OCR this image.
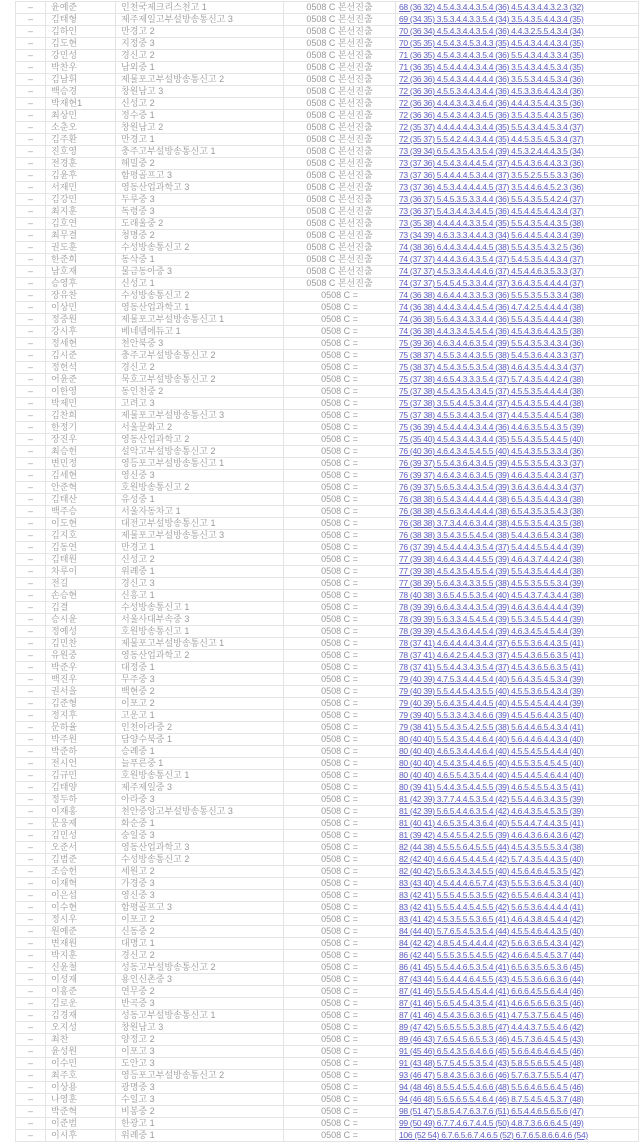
–	윤예준	인천국제크리스천고 1	0508 C 본선진출	68 (36 32) 4.5.4.3.4.4.3.5.4 (36) 4.5.4.3.4.4.3.2.3 (32)
–	김태형	제주제일고부설방송통신고 3	0508 C 본선진출	69 (34 35) 3.5.3.4.4.3.3.5.4 (34) 3.5.4.3.5.4.4.3.4 (35)
–	김하인	만경고 2	0508 C 본선진출	70 (36 34) 4.5.4.3.4.4.3.5.4 (36) 4.4.3.2.5.5.4.3.4 (34)
–	김도현	지정중 3	0508 C 본선진출	70 (35 35) 4.5.4.3.4.5.3.4.3 (35) 4.5.4.3.4.4.4.3.4 (35)
–	강민성	경신고 2	0508 C 본선진출	71 (36 35) 4.5.4.3.4.4.3.5.4 (36) 5.5.4.3.4.4.3.3.4 (35)
–	박찬우	남외중 1	0508 C 본선진출	71 (36 35) 4.5.4.4.4.4.3.4.4 (36) 3.5.4.3.4.4.5.3.4 (35)
–	김남휘	제물포고부설방송통신고 2	0508 C 본선진출	72 (36 36) 4.5.4.3.4.4.4.4.4 (36) 3.5.5.3.4.4.5.3.4 (36)
–	백승경	창원남고 3	0508 C 본선진출	72 (36 36) 4.5.5.3.4.4.3.4.4 (36) 4.5.3.3.6.4.4.3.4 (36)
–	박재현1	신성고 2	0508 C 본선진출	72 (36 36) 4.4.4.3.4.3.4.6.4 (36) 4.4.4.3.5.4.4.3.5 (36)
–	최상민	정수중 1	0508 C 본선진출	72 (36 36) 4.5.4.3.4.4.3.4.5 (36) 3.5.4.3.5.4.4.3.5 (36)
–	소춘오	창원남고 2	0508 C 본선진출	72 (35 37) 4.4.4.4.4.4.3.4.4 (35) 5.5.4.3.4.4.5.3.4 (37)
–	김주환	만경고 1	0508 C 본선진출	72 (35 37) 5.5.4.2.4.4.3.4.4 (35) 4.4.5.3.5.4.5.3.4 (37)
–	진호영	충주고부설방송통신고 1	0508 C 본선진출	73 (39 34) 6.5.4.3.5.4.3.5.4 (39) 4.5.3.2.4.4.4.3.5 (34)
–	전경훈	해밀중 2	0508 C 본선진출	73 (37 36) 4.5.4.3.4.4.4.5.4 (37) 4.5.4.3.6.4.4.3.3 (36)
–	김윤후	함평골프고 3	0508 C 본선진출	73 (37 36) 5.4.4.4.4.5.3.4.4 (37) 3.5.5.2.5.5.5.3.3 (36)
–	서재민	영동산업과학고 3	0508 C 본선진출	73 (37 36) 4.5.3.4.4.4.4.4.5 (37) 3.5.4.4.6.4.5.2.3 (36)
–	김강민	두루중 3	0508 C 본선진출	73 (36 37) 5.4.5.3.5.3.3.4.4 (36) 5.5.4.3.5.5.4.2.4 (37)
–	최지훈	독령중 3	0508 C 본선진출	73 (36 37) 5.4.3.4.4.3.4.4.5 (36) 4.5.4.4.5.4.4.3.4 (37)
–	김호연	도래울중 2	0508 C 본선진출	73 (35 38) 4.4.4.4.4.3.3.5.4 (35) 5.5.4.3.5.4.4.3.5 (38)
–	최무결	청명중 2	0508 C 본선진출	73 (34 39) 4.6.3.3.3.4.4.4.3 (34) 5.6.4.4.5.4.4.3.4 (39)
–	권도훈	수성방송통신고 2	0508 C 본선진출	74 (38 36) 6.4.4.3.4.4.4.4.5 (38) 5.5.4.3.5.4.3.2.5 (36)
–	한준희	동삭중 1	0508 C 본선진출	74 (37 37) 4.4.4.3.6.4.3.5.4 (37) 5.4.5.3.5.4.4.3.4 (37)
–	남호재	물금동아중 3	0508 C 본선진출	74 (37 37) 4.5.3.3.4.4.4.4.6 (37) 4.5.4.4.6.3.5.3.3 (37)
–	승영후	신성고 1	0508 C 본선진출	74 (37 37) 5.4.5.4.5.3.3.4.4 (37) 3.6.4.3.5.4.4.4.4 (37)
–	장유찬	수성방송통신고 2	0508 C =	74 (36 38) 4.6.4.4.4.3.3.5.3 (36) 5.5.5.3.5.5.3.3.4 (38)
–	이상민	영동산업과학고 1	0508 C =	74 (36 38) 4.4.4.3.4.4.4.5.4 (36) 4.7.4.2.5.4.4.4.4 (38)
–	정중원	제물포고부설방송통신고 1	0508 C =	74 (36 38) 5.6.4.3.4.3.3.4.4 (36) 5.5.4.3.5.4.4.4.4 (38)
–	강시후	베네뎀에듀고 1	0508 C =	74 (36 38) 4.4.3.3.4.5.4.5.4 (36) 4.5.4.3.6.4.4.3.5 (38)
–	정세현	천안북중 3	0508 C =	75 (39 36) 4.6.3.4.4.6.3.5.4 (39) 5.5.4.3.5.3.4.3.4 (36)
–	김시준	충주고부설방송통신고 2	0508 C =	75 (38 37) 4.5.5.3.4.4.3.5.5 (38) 5.4.5.3.6.4.4.3.3 (37)
–	정헌석	경신고 2	0508 C =	75 (38 37) 4.5.4.3.5.5.3.5.4 (38) 4.6.4.3.5.4.4.3.4 (37)
–	어윤준	묵호고부설방송통신고 2	0508 C =	75 (37 38) 4.6.5.4.3.3.3.5.4 (37) 5.7.4.3.5.4.4.2.4 (38)
–	이한영	동인천중 2	0508 C =	75 (37 38) 4.5.4.3.5.4.3.4.5 (37) 4.5.5.3.5.4.4.4.4 (38)
–	박제민	고려고 3	0508 C =	75 (37 38) 3.5.5.4.4.5.3.4.4 (37) 4.5.4.3.5.5.4.4.4 (38)
–	김찬희	제물포고부설방송통신고 3	0508 C =	75 (37 38) 4.5.5.3.4.4.3.5.4 (37) 4.4.5.3.5.4.4.5.4 (38)
–	한정기	서울문화고 2	0508 C =	75 (36 39) 4.5.4.4.4.4.3.4.4 (36) 4.4.6.3.5.5.4.3.5 (39)
–	장진우	영동산업과학고 2	0508 C =	75 (35 40) 4.5.4.3.4.4.3.4.4 (35) 5.5.4.3.5.5.4.4.5 (40)
–	최승헌	설악고부설방송통신고 2	0508 C =	76 (40 36) 4.6.4.3.4.5.4.5.5 (40) 4.5.4.3.5.5.3.3.4 (36)
–	변민정	영등포고부설방송통신고 1	0508 C =	76 (39 37) 5.5.4.3.6.4.3.4.5 (39) 4.5.5.3.5.5.4.3.3 (37)
–	김세현	영신중 3	0508 C =	76 (39 37) 4.6.4.3.4.6.3.4.5 (39) 4.6.4.3.5.4.4.3.4 (37)
–	안준혁	호원방송통신고 2	0508 C =	76 (39 37) 5.6.5.3.4.4.3.5.4 (39) 3.6.4.3.6.4.4.3.4 (37)
–	김태산	유성중 1	0508 C =	76 (38 38) 6.5.4.3.4.4.4.4.4 (38) 6.5.4.3.5.4.4.3.4 (38)
–	백주승	서울자동차고 1	0508 C =	76 (38 38) 4.5.6.3.4.4.4.4.4 (38) 6.5.4.3.5.3.5.4.3 (38)
–	이도현	대전고부설방송통신고 1	0508 C =	76 (38 38) 3.7.3.4.4.6.3.4.4 (38) 4.5.5.3.5.4.4.3.5 (38)
–	김지호	제물포고부설방송통신고 3	0508 C =	76 (38 38) 3.5.4.3.5.5.4.5.4 (38) 5.4.4.3.6.5.4.3.4 (38)
–	김동연	만경고 1	0508 C =	76 (37 39) 4.5.4.4.4.4.3.5.4 (37) 5.4.4.4.5.5.4.4.4 (39)
–	김태원	신성고 2	0508 C =	77 (39 38) 4.6.4.3.4.4.4.5.5 (39) 4.6.4.3.7.4.4.2.4 (38)
–	차루이	위례중 1	0508 C =	77 (39 38) 4.5.4.3.5.4.5.5.4 (39) 5.5.4.3.5.4.4.4.4 (38)
–	전길	경신고 3	0508 C =	77 (38 39) 5.6.4.3.4.3.3.5.5 (38) 4.5.5.3.5.5.5.3.4 (39)
–	손승현	신흥고 1	0508 C =	78 (40 38) 3.6.5.4.5.5.3.5.4 (40) 4.5.4.3.7.4.3.4.4 (38)
–	김결	수성방송통신고 1	0508 C =	78 (39 39) 6.6.4.3.4.4.3.5.4 (39) 4.6.4.3.6.4.4.4.4 (39)
–	승시윤	서울사대부속중 3	0508 C =	78 (39 39) 5.6.3.3.4.5.4.5.4 (39) 5.5.3.4.5.5.4.4.4 (39)
–	정예성	호원방송통신고 1	0508 C =	78 (39 39) 4.5.4.3.6.4.4.5.4 (39) 4.6.3.4.5.4.5.4.4 (39)
–	김민찬	제물포고부설방송통신고 1	0508 C =	78 (37 41) 4.6.4.4.4.4.3.4.4 (37) 6.5.5.3.6.4.4.3.5 (41)
–	유원중	영동산업과학고 2	0508 C =	78 (37 41) 4.6.4.2.5.4.4.5.3 (37) 4.5.4.3.6.5.6.3.5 (41)
–	박준우	대정중 1	0508 C =	78 (37 41) 5.5.4.4.3.4.3.5.4 (37) 4.5.4.3.6.5.6.3.5 (41)
–	백진우	무주중 3	0508 C =	79 (40 39) 4.7.5.3.4.4.4.5.4 (40) 5.6.4.3.5.4.5.3.4 (39)
–	권서을	백현중 2	0508 C =	79 (40 39) 5.5.4.4.5.4.3.5.5 (40) 4.5.5.3.6.5.4.3.4 (39)
–	김준형	이포고 2	0508 C =	79 (40 39) 5.6.4.3.5.4.4.4.5 (40) 4.5.5.4.5.4.4.4.4 (39)
–	정지후	고운고 1	0508 C =	79 (39 40) 5.5.3.3.4.3.4.6.6 (39) 4.5.4.5.6.4.4.3.5 (40)
–	문하율	인천아라중 2	0508 C =	79 (38 41) 5.5.4.3.5.4.2.5.5 (38) 5.6.4.4.6.5.4.3.4 (41)
–	박주원	담양수북중 1	0508 C =	80 (40 40) 5.5.4.3.5.4.4.6.4 (40) 5.6.4.4.6.4.4.3.4 (40)
–	박준하	승례중 1	0508 C =	80 (40 40) 4.6.5.3.4.4.4.6.4 (40) 4.5.5.4.5.5.4.4.4 (40)
–	전시언	늘푸른중 1	0508 C =	80 (40 40) 4.5.4.3.5.4.4.6.5 (40) 4.5.5.3.5.4.5.4.5 (40)
–	김규민	호원방송통신고 1	0508 C =	80 (40 40) 4.6.5.5.4.3.5.4.4 (40) 4.5.4.4.5.4.6.4.4 (40)
–	김태양	제주제일중 3	0508 C =	80 (39 41) 5.4.4.3.5.4.4.5.5 (39) 4.6.5.4.5.5.4.3.5 (41)
–	정두하	아라중 3	0508 C =	81 (42 39) 3.7.7.4.4.5.3.5.4 (42) 5.5.4.4.6.3.4.3.5 (39)
–	이재홍	천안중앙고부설방송통신고 3	0508 C =	81 (42 39) 5.6.5.4.4.6.3.5.4 (42) 4.6.4.3.5.4.5.3.5 (39)
–	문웅제	화순중 1	0508 C =	81 (40 41) 4.6.5.3.5.4.3.6.4 (40) 5.5.4.4.7.4.4.3.5 (41)
–	김민성	숭일중 3	0508 C =	81 (39 42) 4.5.4.5.5.4.2.5.5 (39) 4.6.4.3.6.6.4.3.6 (42)
–	오준서	영동산업과학고 3	0508 C =	82 (44 38) 4.5.5.5.6.4.5.5.5 (44) 4.5.4.3.5.5.5.3.4 (38)
–	김범준	수성방송통신고 2	0508 C =	82 (42 40) 4.6.6.4.5.4.4.5.4 (42) 5.7.4.3.5.4.4.3.5 (40)
–	조승헌	세원고 2	0508 C =	82 (40 42) 5.6.5.3.4.3.4.5.5 (40) 4.5.6.4.6.4.5.3.5 (42)
–	이재혁	가경중 3	0508 C =	83 (43 40) 4.5.4.4.4.6.5.7.4 (43) 5.5.5.3.6.4.5.3.4 (40)
–	이은섭	영신중 3	0508 C =	83 (42 41) 5.5.5.4.5.5.3.5.5 (42) 6.5.5.4.6.4.4.3.4 (41)
–	이수현	함평골프고 3	0508 C =	83 (42 41) 5.5.5.4.4.5.4.5.5 (42) 5.6.5.3.6.4.4.4.4 (41)
–	정시우	이포고 2	0508 C =	83 (41 42) 4.5.3.5.5.5.3.6.5 (41) 4.6.4.3.8.4.5.4.4 (42)
–	원예준	신동중 2	0508 C =	84 (44 40) 5.7.6.5.4.5.3.5.4 (44) 4.5.5.4.6.4.4.3.5 (40)
–	변재원	대명고 1	0508 C =	84 (42 42) 4.8.5.4.5.4.4.4.4 (42) 5.6.6.3.6.5.4.3.4 (42)
–	박지훈	경신고 2	0508 C =	86 (42 44) 5.5.5.3.5.5.4.5.5 (42) 4.6.6.4.5.4.5.3.7 (44)
–	신윤철	성동고부설방송통신고 2	0508 C =	86 (41 45) 5.5.4.4.6.5.3.5.4 (41) 6.5.6.3.5.6.5.3.6 (45)
–	이성재	용인신촌중 3	0508 C =	87 (43 44) 5.6.4.4.4.6.4.5.5 (43) 4.5.5.3.6.6.6.3.6 (44)
–	이홍준	연무중 2	0508 C =	87 (41 46) 5.5.5.4.5.4.5.4.4 (41) 6.6.6.4.5.5.6.4.4 (46)
–	김로운	반곡중 3	0508 C =	87 (41 46) 5.6.5.4.5.4.3.5.4 (41) 4.6.6.5.6.5.6.3.5 (46)
–	김경재	성동고부설방송통신고 1	0508 C =	87 (41 46) 4.5.4.3.5.6.3.6.5 (41) 4.7.5.3.7.5.6.4.5 (46)
–	오지성	창원남고 3	0508 C =	89 (47 42) 5.6.5.5.5.5.3.8.5 (47) 4.4.4.3.7.5.5.4.6 (42)
–	최찬	양정고 2	0508 C =	89 (46 43) 7.6.5.4.5.6.5.5.3 (46) 4.5.7.3.6.4.5.4.5 (43)
–	윤성원	이포고 3	0508 C =	91 (45 46) 6.5.4.3.5.6.4.6.6 (45) 5.6.6.4.6.4.6.4.5 (46)
–	이수민	도안고 3	0508 C =	91 (43 48) 5.7.5.4.5.5.3.5.4 (43) 5.8.5.5.6.5.5.4.5 (48)
–	최주호	영등포고부설방송통신고 2	0508 C =	93 (46 47) 5.8.4.3.5.6.3.6.6 (46) 5.7.6.3.7.5.5.5.4 (47)
–	이상용	광명중 3	0508 C =	94 (48 46) 8.5.5.4.5.5.4.6.6 (48) 5.5.6.4.6.5.6.4.5 (46)
–	나영훈	수일고 3	0508 C =	94 (46 48) 5.6.5.6.5.5.4.6.4 (46) 8.7.5.4.5.4.5.3.7 (48)
–	박준혁	비봉중 2	0508 C =	98 (51 47) 5.8.5.4.7.6.3.7.6 (51) 6.5.4.4.6.5.6.5.6 (47)
–	이준범	한광고 1	0508 C =	99 (50 49) 6.7.7.4.6.7.4.4.5 (50) 4.8.7.3.6.6.6.4.5 (49)
–	이시후	위례중 1	0508 C =	106 (52 54) 6.7.6.5.6.7.4.6.5 (52) 6.7.6.5.8.6.6.4.6 (54)
